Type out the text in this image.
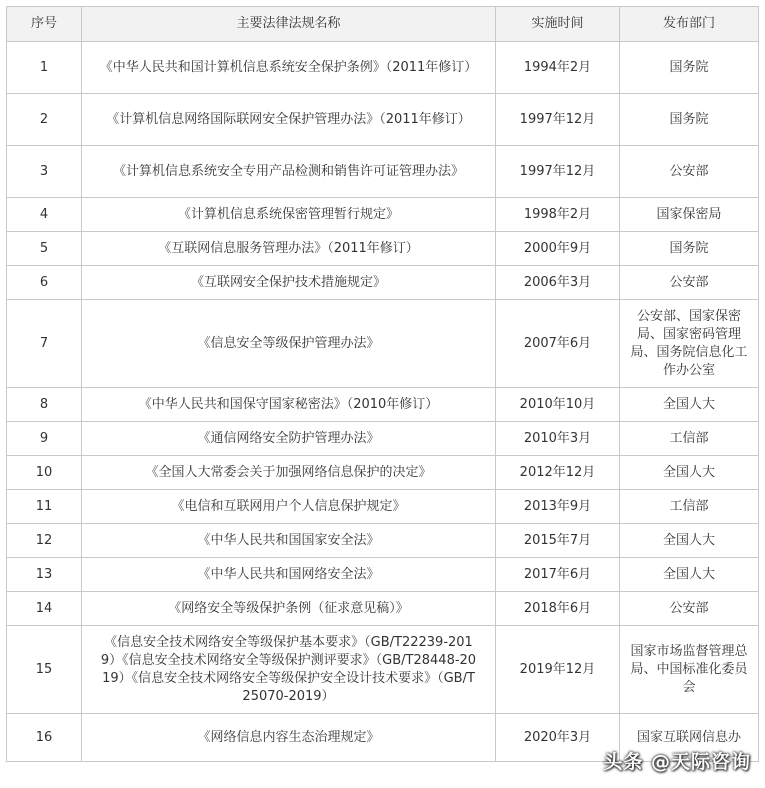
序号	主要法律法规名称	实施时间	发布部门
1	《中华人民共和国计算机信息系统安全保护条例》（2011年修订）	1994年2月	国务院
2	《计算机信息网络国际联网安全保护管理办法》（2011年修订）	1997年12月	国务院
3	《计算机信息系统安全专用产品检测和销售许可证管理办法》	1997年12月	公安部
4	《计算机信息系统保密管理暂行规定》	1998年2月	国家保密局
5	《互联网信息服务管理办法》（2011年修订）	2000年9月	国务院
6	《互联网安全保护技术措施规定》	2006年3月	公安部
7	《信息安全等级保护管理办法》	2007年6月	公安部、国家保密局、国家密码管理局、国务院信息化工作办公室
8	《中华人民共和国保守国家秘密法》（2010年修订）	2010年10月	全国人大
9	《通信网络安全防护管理办法》	2010年3月	工信部
10	《全国人大常委会关于加强网络信息保护的决定》	2012年12月	全国人大
11	《电信和互联网用户个人信息保护规定》	2013年9月	工信部
12	《中华人民共和国国家安全法》	2015年7月	全国人大
13	《中华人民共和国网络安全法》	2017年6月	全国人大
14	《网络安全等级保护条例（征求意见稿）》	2018年6月	公安部
15	《信息安全技术网络安全等级保护基本要求》（GB/T22239-2019）《信息安全技术网络安全等级保护测评要求》（GB/T28448-2019）《信息安全技术网络安全等级保护安全设计技术要求》（GB/T25070-2019）	2019年12月	国家市场监督管理总局、中国标准化委员会
16	《网络信息内容生态治理规定》	2020年3月	国家互联网信息办
头条 @天际咨询
